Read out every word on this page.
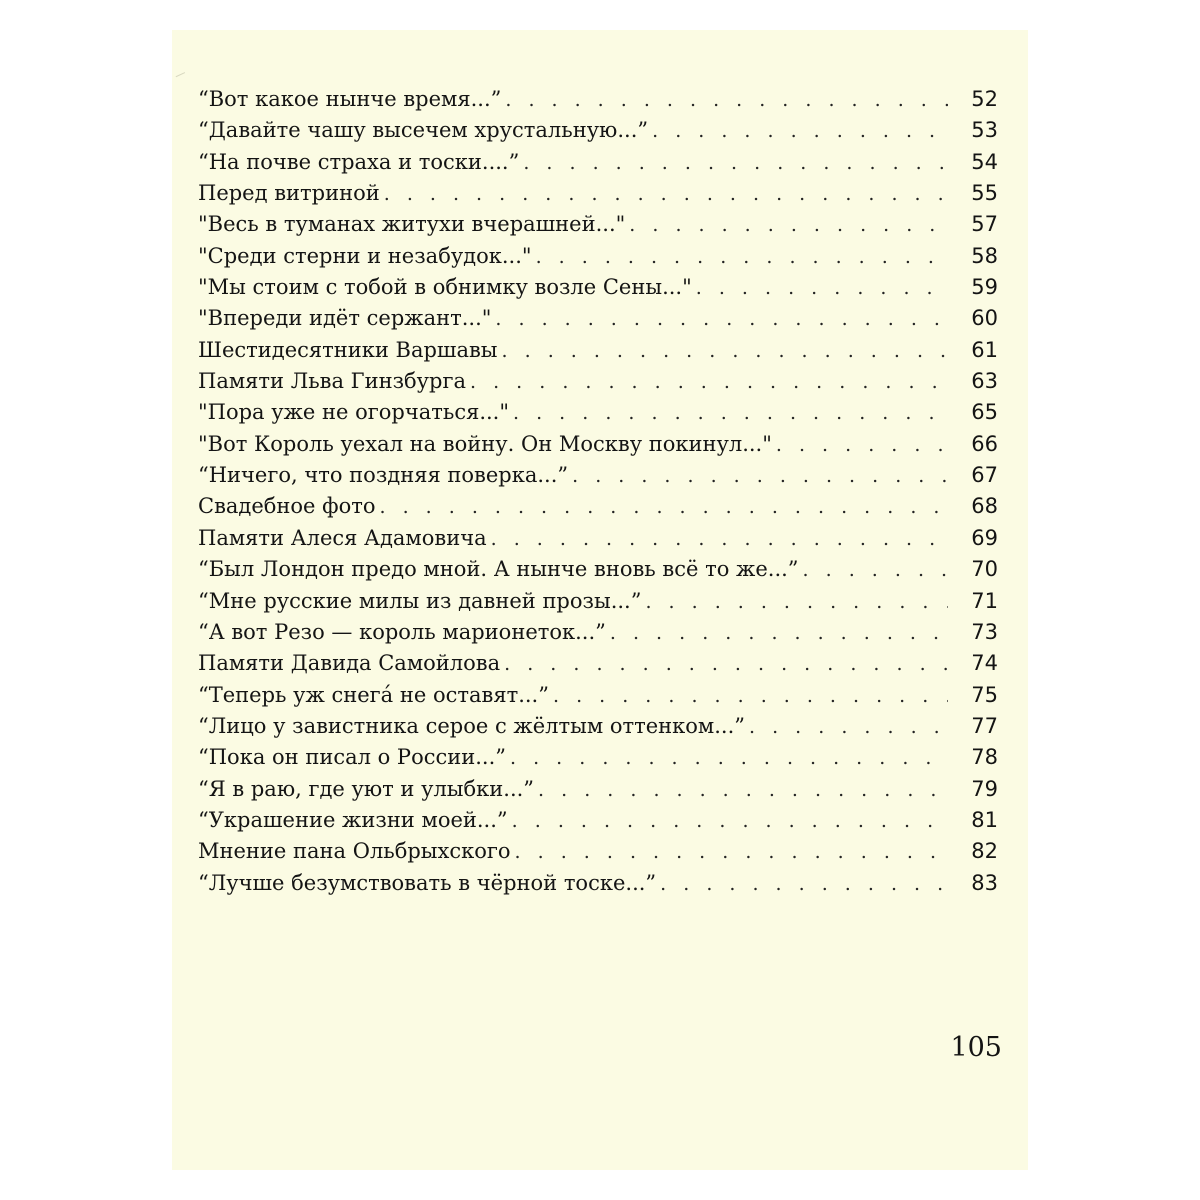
“Вот какое нынче время...” . . .	52
“Давайте чашу высечем хрустальную...” . . .	53
“На почве страха и тоски....” . . .	54
Перед витриной . . .	55
"Весь в туманах житухи вчерашней..." . . .	57
"Среди стерни и незабудок..." . . .	58
"Мы стоим с тобой в обнимку возле Сены..." . . .	59
"Впереди идёт сержант..." . . .	60
Шестидесятники Варшавы . . .	61
Памяти Льва Гинзбурга . . .	63
"Пора уже не огорчаться..." . . .	65
"Вот Король уехал на войну. Он Москву покинул..." . . .	66
“Ничего, что поздняя поверка...” . . .	67
Свадебное фото . . .	68
Памяти Алеся Адамовича . . .	69
“Был Лондон предо мной. А нынче вновь всё то же...” . . .	70
“Мне русские милы из давней прозы...” . . .	71
“А вот Резо — король марионеток...” . . .	73
Памяти Давида Самойлова . . .	74
“Теперь уж снега́ не оставят...” . . .	75
“Лицо у завистника серое с жёлтым оттенком...” . . .	77
“Пока он писал о России...” . . .	78
“Я в раю, где уют и улыбки...” . . .	79
“Украшение жизни моей...” . . .	81
Мнение пана Ольбрыхского . . .	82
“Лучше безумствовать в чёрной тоске...” . . .	83
105
